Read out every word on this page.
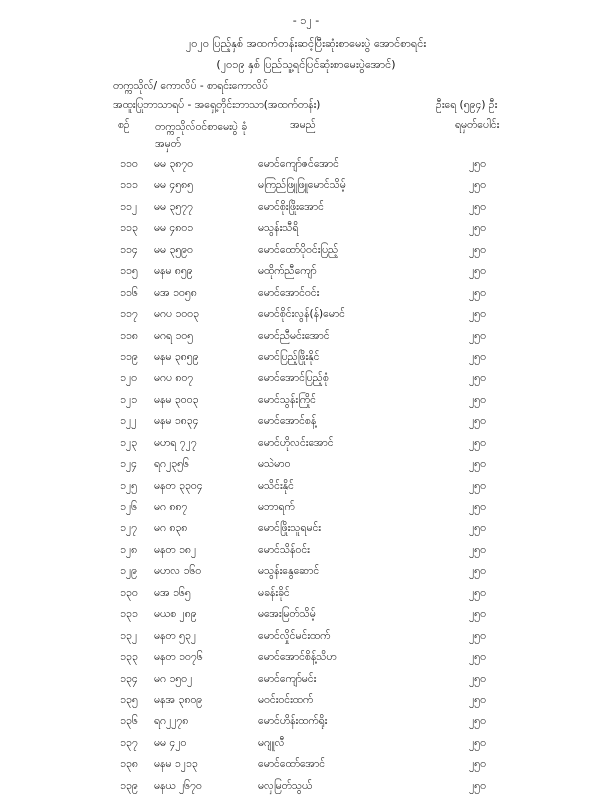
- ၁၂ -
၂၀၂၀ ပြည့်နှစ် အထက်တန်းဆင့်ပြီးဆုံးစာမေးပွဲ အောင်စာရင်း
(၂၀၁၉ နှစ် ပြည်သူ့ရင်ပြင်ဆုံးစာမေးပွဲအောင်)
တက္ကသိုလ်/ ကောလိပ် - စာရင်းကောလိပ်
အထူးပြုဘာသာရပ် - အရှေ့တိုင်းဘာသာ(အထက်တန်း)	ဦးရေ (၅၉၄) ဦး
စဉ် တက္ကသိုလ်ဝင်စာမေးပွဲ ခုံအမှတ်
အမည်	ရမှတ်ပေါင်း
၁၁၀ မမ ၃၈၇၀	မောင်ကျော်ဇင်အောင်	၂၅၀
၁၁၁ မမ ၄၅၈၅	မကြည်ဖြူဖြူမောင်သိမ့်	၂၅၀
၁၁၂ မမ ၃၅၇၇	မောင်စိုးဖြိုးအောင်	၂၅၀
၁၁၃ မမ ၄၈၀၁	မသွန်းသီရိ	၂၅၀
၁၁၄ မမ ၃၅၉၀	မောင်ထော်ပိုဝင်းပြည့်	၂၅၀
၁၁၅ မနမ ၈၅၉	မထိုက်ညီကျော်	၂၅၀
၁၁၆ မအ ၁၀၅၈	မောင်အောင်ဝင်း	၂၅၀
၁၁၇ မဂပ ၁၀၀၃	မောင်စိုင်းလွန်(န်)မောင်	၂၅၀
၁၁၈ မဂရ ၁၀၅	မောင်ညီမင်းအောင်	၂၅၀
၁၁၉ မနမ ၃၈၅၉	မောင်ပြည့်ဖြိုးနိုင်	၂၅၀
၁၂၀ မဂပ ၈၀၇	မောင်အောင်ပြည့်စုံ	၂၅၀
၁၂၁ မနမ ၃၀၀၃	မောင်သွန်းကြိုင်	၂၅၀
၁၂၂ မနမ ၁၈၃၄	မောင်အောင်စန့်	၂၅၀
၁၂၃ မဟရ ၇၂၇	မောင်ဟိုလင်းအောင်	၂၅၀
၁၂၄ ရဂ၂၃၅၆	မသဲမာဝ	၂၅၀
၁၂၅ မနတ ၃၃၀၄	မသိင်းနိုင်	၂၅၀
၁၂၆ မဂ ၈၈၇	မဘာရက်	၂၅၀
၁၂၇ မဂ ၈၃၈	မောင်ဖြိုးသူရမင်း	၂၅၀
၁၂၈ မနတ ၁၈၂	မောင်သိန်ဝင်း	၂၅၀
၁၂၉ မဟလ ၁၆၀	မသွန်းနွေဆောင်	၂၅၀
၁၃၀ မအ ၁၆၅	မခန်းခိုင်	၂၅၀
၁၃၁ မယစ ၂၈၉	မအေးမြတ်သိမ့်	၂၅၀
၁၃၂ မနတ ၅၃၂	မောင်လှိုင်မင်းထက်	၂၅၀
၁၃၃ မနတ ၁၀၇၆	မောင်အောင်စိန့်သိဟ	၂၅၀
၁၃၄ မဂ ၁၅၀၂	မောင်ကျော်မင်း	၂၅၀
၁၃၅ မနအ ၃၈၀၉	မဝင်းဝင်းထက်	၂၅၀
၁၃၆ ရဂ၂၂၇၈	မောင်ဟိန်းထက်ရိုး	၂၅၀
၁၃၇ မမ ၄၂၀	မဂျူလီ	၂၅၀
၁၃၈ မနမ ၁၂၁၃	မောင်ထော်အောင်	၂၅၀
၁၃၉ မနယ ၂၆၇၀	မလှမြတ်သွယ်	၂၅၀
